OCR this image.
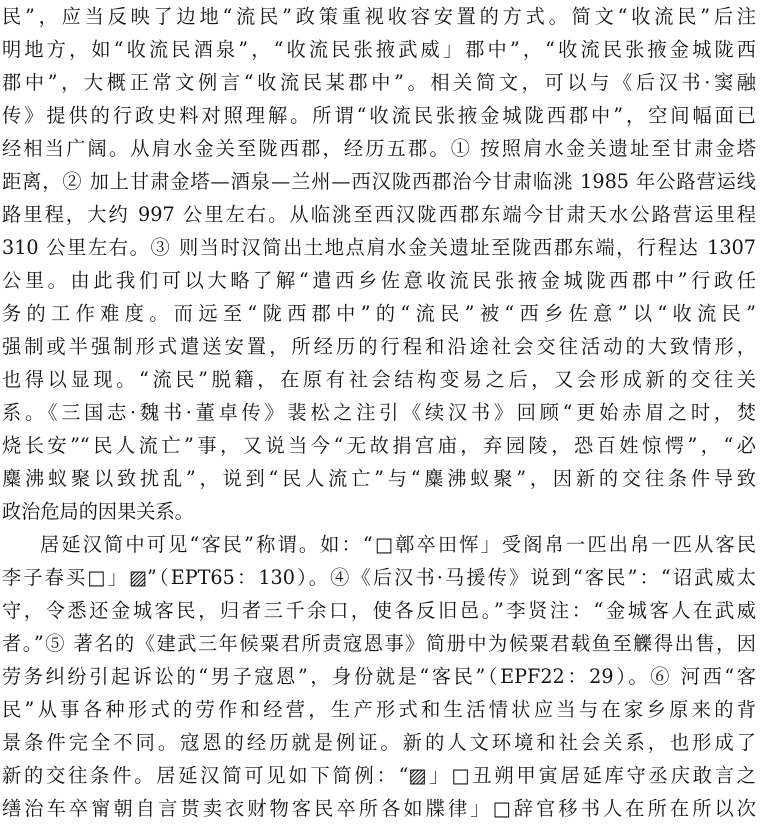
民”，应当反映了边地“流民”政策重视收容安置的方式。简文“收流民”后注
明地方，如“收流民酒泉”，“收流民张掖武威」郡中”，“收流民张掖金城陇西
郡中”，大概正常文例言“收流民某郡中”。相关简文，可以与《后汉书·窦融
传》提供的行政史料对照理解。所谓“收流民张掖金城陇西郡中”，空间幅面已
经相当广阔。从肩水金关至陇西郡，经历五郡。① 按照肩水金关遗址至甘肃金塔
距离，② 加上甘肃金塔—酒泉—兰州—西汉陇西郡治今甘肃临洮 1985 年公路营运线
路里程，大约 997 公里左右。从临洮至西汉陇西郡东端今甘肃天水公路营运里程
310 公里左右。③ 则当时汉简出土地点肩水金关遗址至陇西郡东端，行程达 1307
公里。由此我们可以大略了解“遣西乡佐意收流民张掖金城陇西郡中”行政任
务的工作难度。而远至“陇西郡中”的“流民”被“西乡佐意”以“收流民”
强制或半强制形式遣送安置，所经历的行程和沿途社会交往活动的大致情形，
也得以显现。“流民”脱籍，在原有社会结构变易之后，又会形成新的交往关
系。《三国志·魏书·董卓传》裴松之注引《续汉书》回顾“更始赤眉之时，焚
烧长安”“民人流亡”事，又说当今“无故捐宫庙，弃园陵，恐百姓惊愕”，“必
麋沸蚁聚以致扰乱”，说到“民人流亡”与“麋沸蚁聚”，因新的交往条件导致
政治危局的因果关系。
居延汉简中可见“客民”称谓。如：“□鄣卒田恽」受阁帛一匹出帛一匹从客民
李子春买□」▨”（EPT65：130）。④《后汉书·马援传》说到“客民”：“诏武威太
守，令悉还金城客民，归者三千余口，使各反旧邑。”李贤注：“金城客人在武威
者。”⑤ 著名的《建武三年候粟君所责寇恩事》简册中为候粟君载鱼至觻得出售，因
劳务纠纷引起诉讼的“男子寇恩”，身份就是“客民”（EPF22：29）。⑥ 河西“客
民”从事各种形式的劳作和经营，生产形式和生活情状应当与在家乡原来的背
景条件完全不同。寇恩的经历就是例证。新的人文环境和社会关系，也形成了
新的交往条件。居延汉简可见如下简例：“▨」□丑朔甲寅居延库守丞庆敢言之
缮治车卒甯朝自言贳卖衣财物客民卒所各如牒律」□辞官移书人在所在所以次
